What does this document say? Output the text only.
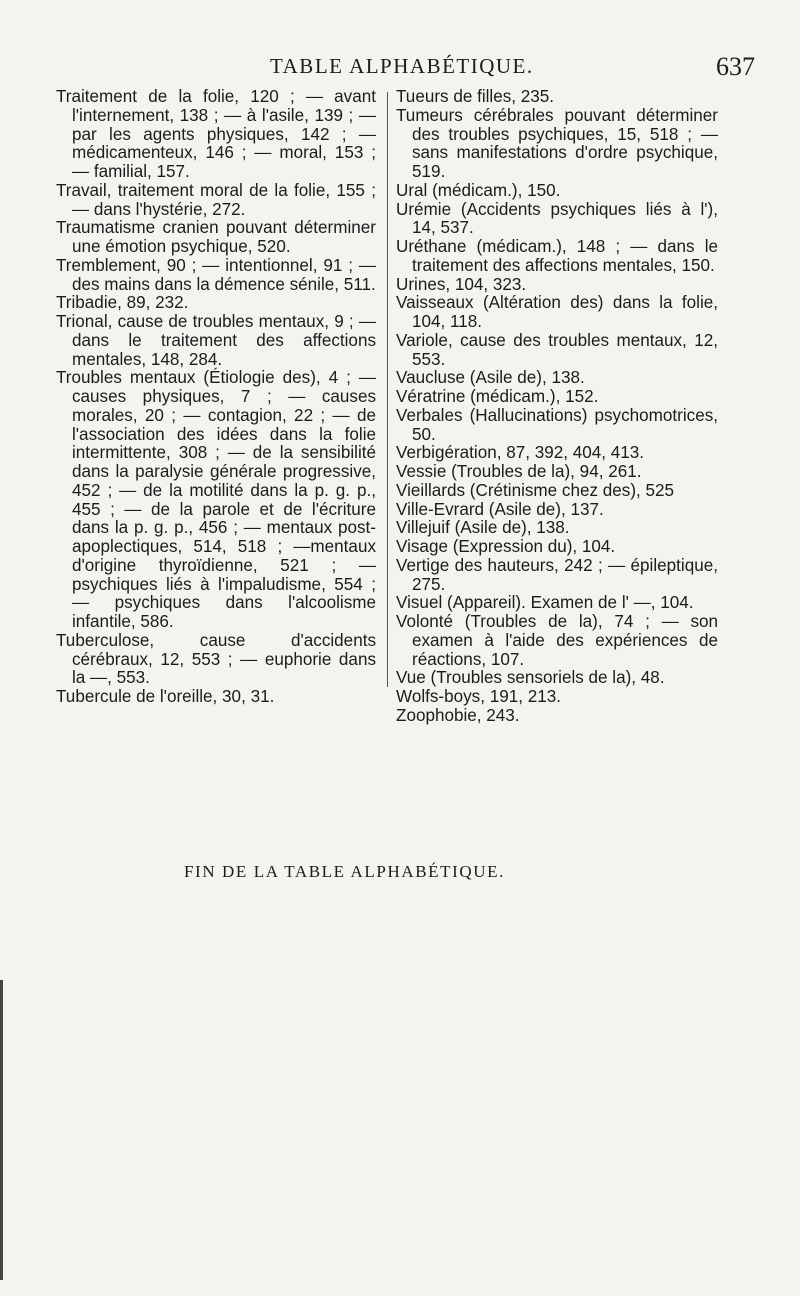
TABLE ALPHABÉTIQUE.	637

Traitement de la folie, 120 ; — avant l'internement, 138 ; — à l'asile, 139 ; — par les agents physiques, 142 ; — médicamenteux, 146 ; — moral, 153 ; — familial, 157.

Travail, traitement moral de la folie, 155 ; — dans l'hystérie, 272.

Traumatisme cranien pouvant déterminer une émotion psychique, 520.

Tremblement, 90 ; — intentionnel, 91 ; — des mains dans la démence sénile, 511.

Tribadie, 89, 232.

Trional, cause de troubles mentaux, 9 ; — dans le traitement des affections mentales, 148, 284.

Troubles mentaux (Étiologie des), 4 ; — causes physiques, 7 ; — causes morales, 20 ; — contagion, 22 ; — de l'association des idées dans la folie intermittente, 308 ; — de la sensibilité dans la paralysie générale progressive, 452 ; — de la motilité dans la p. g. p., 455 ; — de la parole et de l'écriture dans la p. g. p., 456 ; — mentaux post-apoplectiques, 514, 518 ; —mentaux d'origine thyroïdienne, 521 ; — psychiques liés à l'impaludisme, 554 ; — psychiques dans l'alcoolisme infantile, 586.

Tuberculose, cause d'accidents cérébraux, 12, 553 ; — euphorie dans la —, 553.

Tubercule de l'oreille, 30, 31.

Tueurs de filles, 235.

Tumeurs cérébrales pouvant déterminer des troubles psychiques, 15, 518 ; — sans manifestations d'ordre psychique, 519.

Ural (médicam.), 150.

Urémie (Accidents psychiques liés à l'), 14, 537.

Uréthane (médicam.), 148 ; — dans le traitement des affections mentales, 150.

Urines, 104, 323.

Vaisseaux (Altération des) dans la folie, 104, 118.

Variole, cause des troubles mentaux, 12, 553.

Vaucluse (Asile de), 138.

Vératrine (médicam.), 152.

Verbales (Hallucinations) psychomotrices, 50.

Verbigération, 87, 392, 404, 413.

Vessie (Troubles de la), 94, 261.

Vieillards (Crétinisme chez des), 525

Ville-Evrard (Asile de), 137.

Villejuif (Asile de), 138.

Visage (Expression du), 104.

Vertige des hauteurs, 242 ; — épileptique, 275.

Visuel (Appareil). Examen de l' —, 104.

Volonté (Troubles de la), 74 ; — son examen à l'aide des expériences de réactions, 107.

Vue (Troubles sensoriels de la), 48.

Wolfs-boys, 191, 213.

Zoophobie, 243.

FIN DE LA TABLE ALPHABÉTIQUE.
